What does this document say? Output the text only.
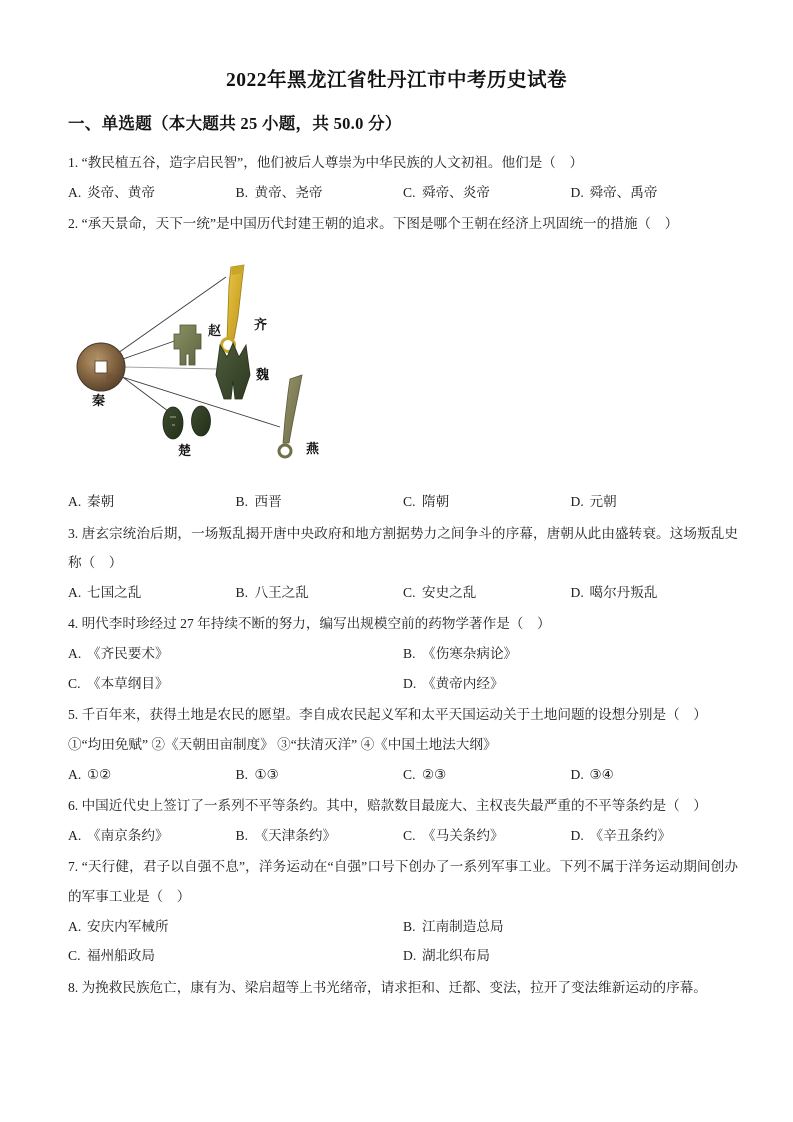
2022年黑龙江省牡丹江市中考历史试卷
一、单选题（本大题共 25 小题，共 50.0 分）
1. “教民植五谷，造字启民智”，他们被后人尊崇为中华民族的人文初祖。他们是（    ）
A. 炎帝、黄帝	B. 黄帝、尧帝	C. 舜帝、炎帝	D. 舜帝、禹帝
2. “承天景命，天下一统”是中国历代封建王朝的追求。下图是哪个王朝在经济上巩固统一的措施（    ）
秦
齐
赵
魏
楚	燕
A. 秦朝	B. 西晋	C. 隋朝	D. 元朝
3. 唐玄宗统治后期，一场叛乱揭开唐中央政府和地方割据势力之间争斗的序幕，唐朝从此由盛转衰。这场叛乱史称（    ）
A. 七国之乱	B. 八王之乱	C. 安史之乱	D. 噶尔丹叛乱
4. 明代李时珍经过 27 年持续不断的努力，编写出规模空前的药物学著作是（    ）
A. 《齐民要术》	B. 《伤寒杂病论》
C. 《本草纲目》	D. 《黄帝内经》
5. 千百年来，获得土地是农民的愿望。李自成农民起义军和太平天国运动关于土地问题的设想分别是（    ）
①“均田免赋” ②《天朝田亩制度》 ③“扶清灭洋” ④《中国土地法大纲》
A. ①②	B. ①③	C. ②③	D. ③④
6. 中国近代史上签订了一系列不平等条约。其中，赔款数目最庞大、主权丧失最严重的不平等条约是（    ）
A. 《南京条约》	B. 《天津条约》	C. 《马关条约》	D. 《辛丑条约》
7. “天行健，君子以自强不息”，洋务运动在“自强”口号下创办了一系列军事工业。下列不属于洋务运动期间创办的军事工业是（    ）
A. 安庆内军械所	B. 江南制造总局
C. 福州船政局	D. 湖北织布局
8. 为挽救民族危亡，康有为、梁启超等上书光绪帝，请求拒和、迁都、变法，拉开了变法维新运动的序幕。
